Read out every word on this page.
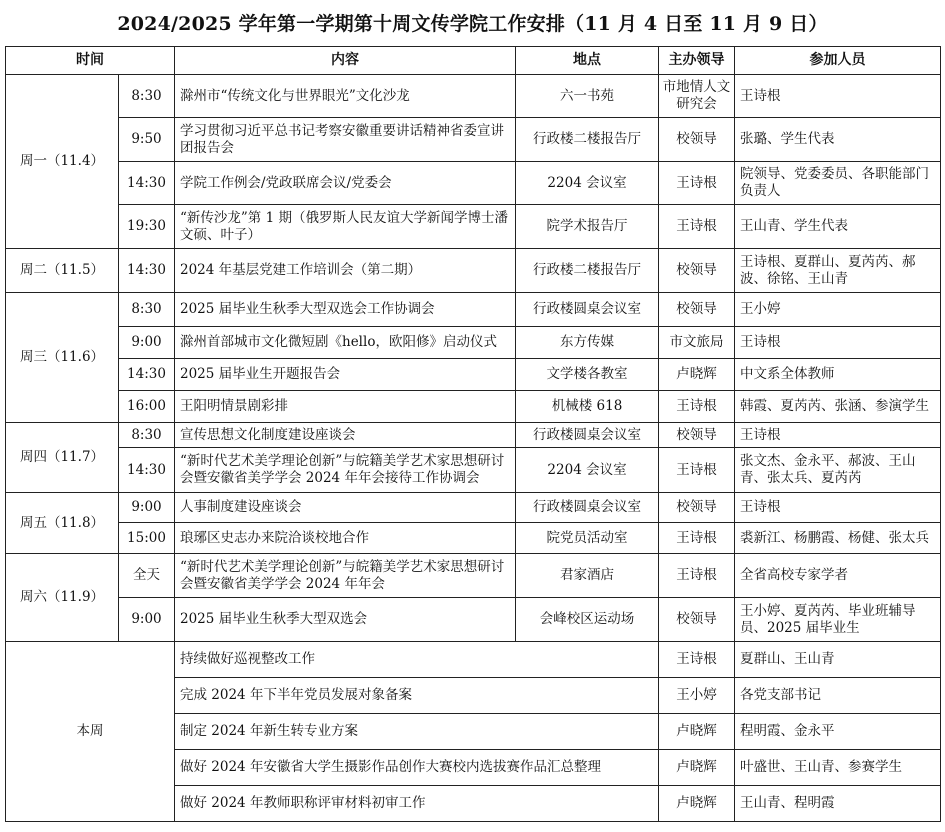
2024/2025 学年第一学期第十周文传学院工作安排（11 月 4 日至 11 月 9 日）
时间		内容	地点	主办领导	参加人员
周一（11.4）	8:30	滁州市“传统文化与世界眼光”文化沙龙	六一书苑	市地情人文研究会	王诗根
	9:50	学习贯彻习近平总书记考察安徽重要讲话精神省委宣讲团报告会	行政楼二楼报告厅	校领导	张璐、学生代表
	14:30	学院工作例会/党政联席会议/党委会	2204 会议室	王诗根	院领导、党委委员、各职能部门负责人
	19:30	“新传沙龙”第 1 期（俄罗斯人民友谊大学新闻学博士潘文硕、叶子）	院学术报告厅	王诗根	王山青、学生代表
周二（11.5）	14:30	2024 年基层党建工作培训会（第二期）	行政楼二楼报告厅	校领导	王诗根、夏群山、夏芮芮、郝波、徐铭、王山青
周三（11.6）	8:30	2025 届毕业生秋季大型双选会工作协调会	行政楼圆桌会议室	校领导	王小婷
	9:00	滁州首部城市文化微短剧《hello，欧阳修》启动仪式	东方传媒	市文旅局	王诗根
	14:30	2025 届毕业生开题报告会	文学楼各教室	卢晓辉	中文系全体教师
	16:00	王阳明情景剧彩排	机械楼 618	王诗根	韩霞、夏芮芮、张涵、参演学生
周四（11.7）	8:30	宣传思想文化制度建设座谈会	行政楼圆桌会议室	校领导	王诗根
	14:30	“新时代艺术美学理论创新”与皖籍美学艺术家思想研讨会暨安徽省美学学会 2024 年年会接待工作协调会	2204 会议室	王诗根	张文杰、金永平、郝波、王山青、张太兵、夏芮芮
周五（11.8）	9:00	人事制度建设座谈会	行政楼圆桌会议室	校领导	王诗根
	15:00	琅琊区史志办来院洽谈校地合作	院党员活动室	王诗根	裘新江、杨鹏霞、杨健、张太兵
周六（11.9）	全天	“新时代艺术美学理论创新”与皖籍美学艺术家思想研讨会暨安徽省美学学会 2024 年年会	君家酒店	王诗根	全省高校专家学者
	9:00	2025 届毕业生秋季大型双选会	会峰校区运动场	校领导	王小婷、夏芮芮、毕业班辅导员、2025 届毕业生
本周		持续做好巡视整改工作		王诗根	夏群山、王山青
		完成 2024 年下半年党员发展对象备案		王小婷	各党支部书记
		制定 2024 年新生转专业方案		卢晓辉	程明霞、金永平
		做好 2024 年安徽省大学生摄影作品创作大赛校内选拔赛作品汇总整理		卢晓辉	叶盛世、王山青、参赛学生
		做好 2024 年教师职称评审材料初审工作		卢晓辉	王山青、程明霞
